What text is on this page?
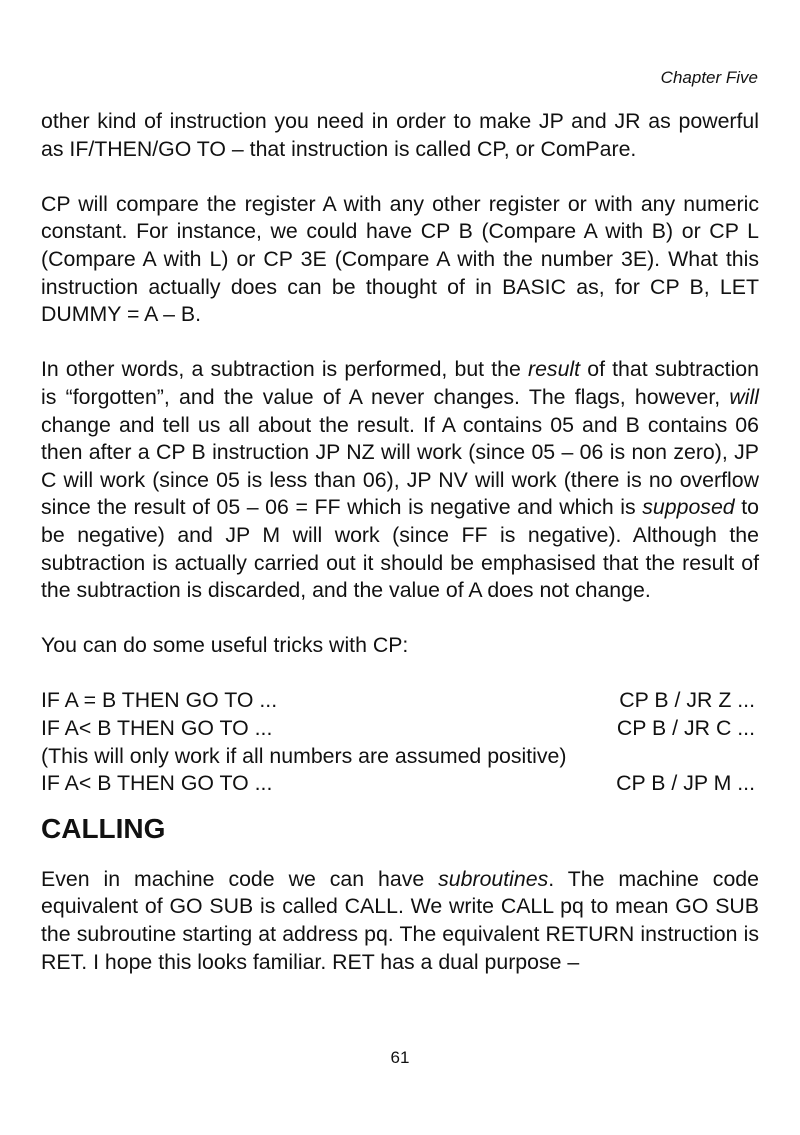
Chapter Five

other kind of instruction you need in order to make JP and JR as powerful as IF/THEN/GO TO – that instruction is called CP, or ComPare.

CP will compare the register A with any other register or with any numeric constant. For instance, we could have CP B (Compare A with B) or CP L (Compare A with L) or CP 3E (Compare A with the number 3E). What this instruction actually does can be thought of in BASIC as, for CP B, LET DUMMY = A – B.

In other words, a subtraction is performed, but the result of that subtraction is “forgotten”, and the value of A never changes. The flags, however, will change and tell us all about the result. If A contains 05 and B contains 06 then after a CP B instruction JP NZ will work (since 05 – 06 is non zero), JP C will work (since 05 is less than 06), JP NV will work (there is no overflow since the result of 05 – 06 = FF which is negative and which is supposed to be negative) and JP M will work (since FF is negative). Although the subtraction is actually carried out it should be emphasised that the result of the subtraction is discarded, and the value of A does not change.

You can do some useful tricks with CP:

IF A = B THEN GO TO ...	CP B / JR Z ...
IF A< B THEN GO TO ...	CP B / JR C ...
(This will only work if all numbers are assumed positive)
IF A< B THEN GO TO ...	CP B / JP M ...
CALLING

Even in machine code we can have subroutines. The machine code equivalent of GO SUB is called CALL. We write CALL pq to mean GO SUB the subroutine starting at address pq. The equivalent RETURN instruction is RET. I hope this looks familiar. RET has a dual purpose –

61
